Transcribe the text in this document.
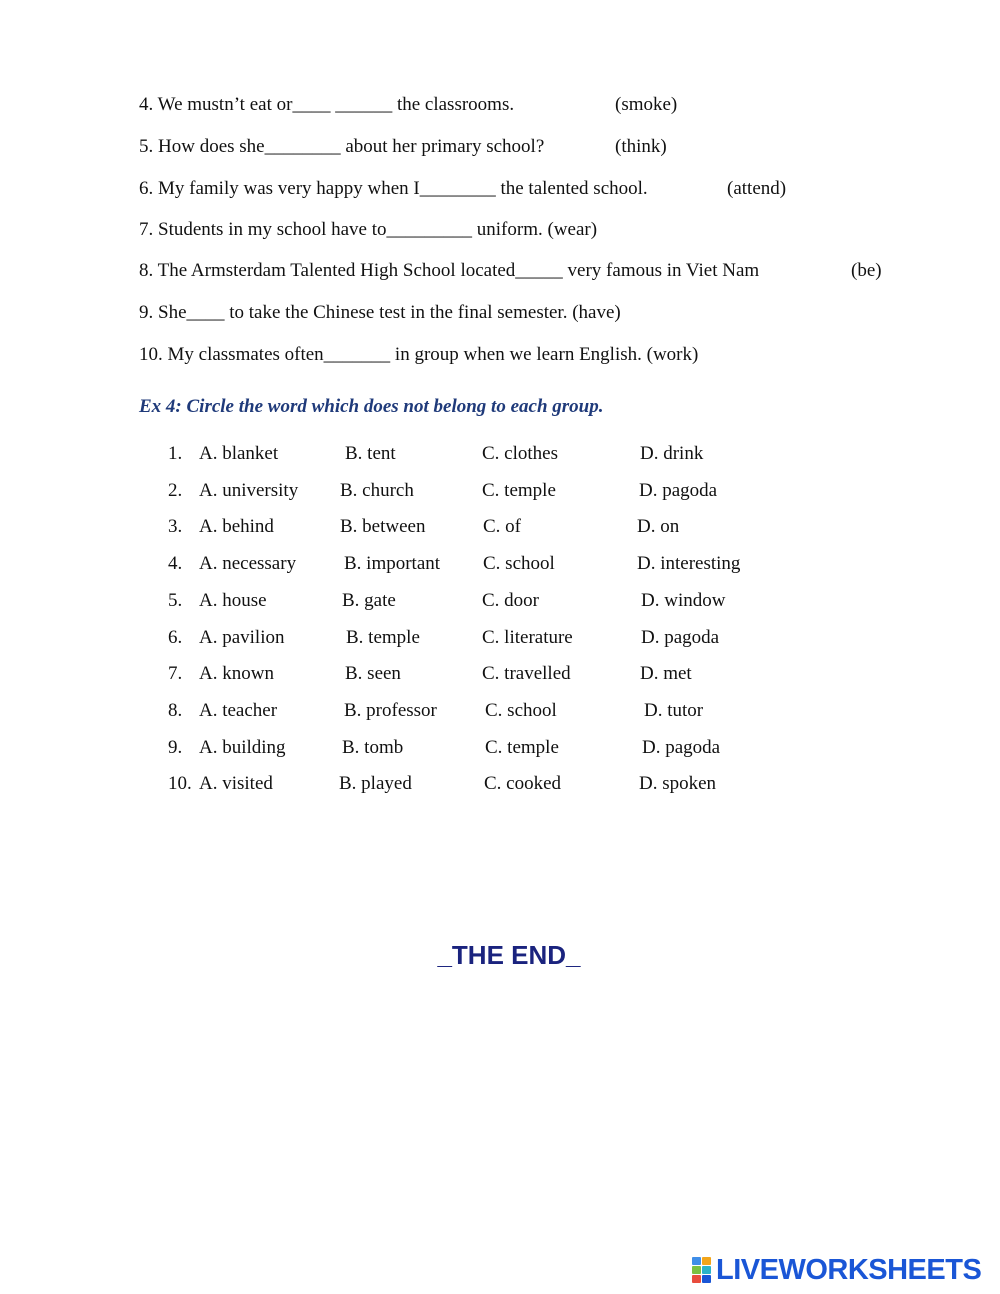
4. We mustn’t eat or____ ______ the classrooms.	(smoke)
5. How does she________ about her primary school?	(think)
6. My family was very happy when I________ the talented school.	(attend)
7. Students in my school have to_________ uniform. (wear)
8. The Armsterdam Talented High School located_____ very famous in Viet Nam	(be)
9. She____ to take the Chinese test in the final semester. (have)
10. My classmates often_______ in group when we learn English. (work)
Ex 4: Circle the word which does not belong to each group.
1. A. blanket	B. tent	C. clothes	D. drink
2. A. university B. church	C. temple	D. pagoda
3. A. behind	B. between	C. of	D. on
4. A. necessary	B. important C. school	D. interesting
5. A. house	B. gate	C. door	D. window
6. A. pavilion	B. temple	C. literature	D. pagoda
7. A. known	B. seen	C. travelled	D. met
8. A. teacher	B. professor	C. school	D. tutor
9. A. building	B. tomb	C. temple	D. pagoda
10. A. visited	B. played	C. cooked	D. spoken
_THE END_
LIVEWORKSHEETS
